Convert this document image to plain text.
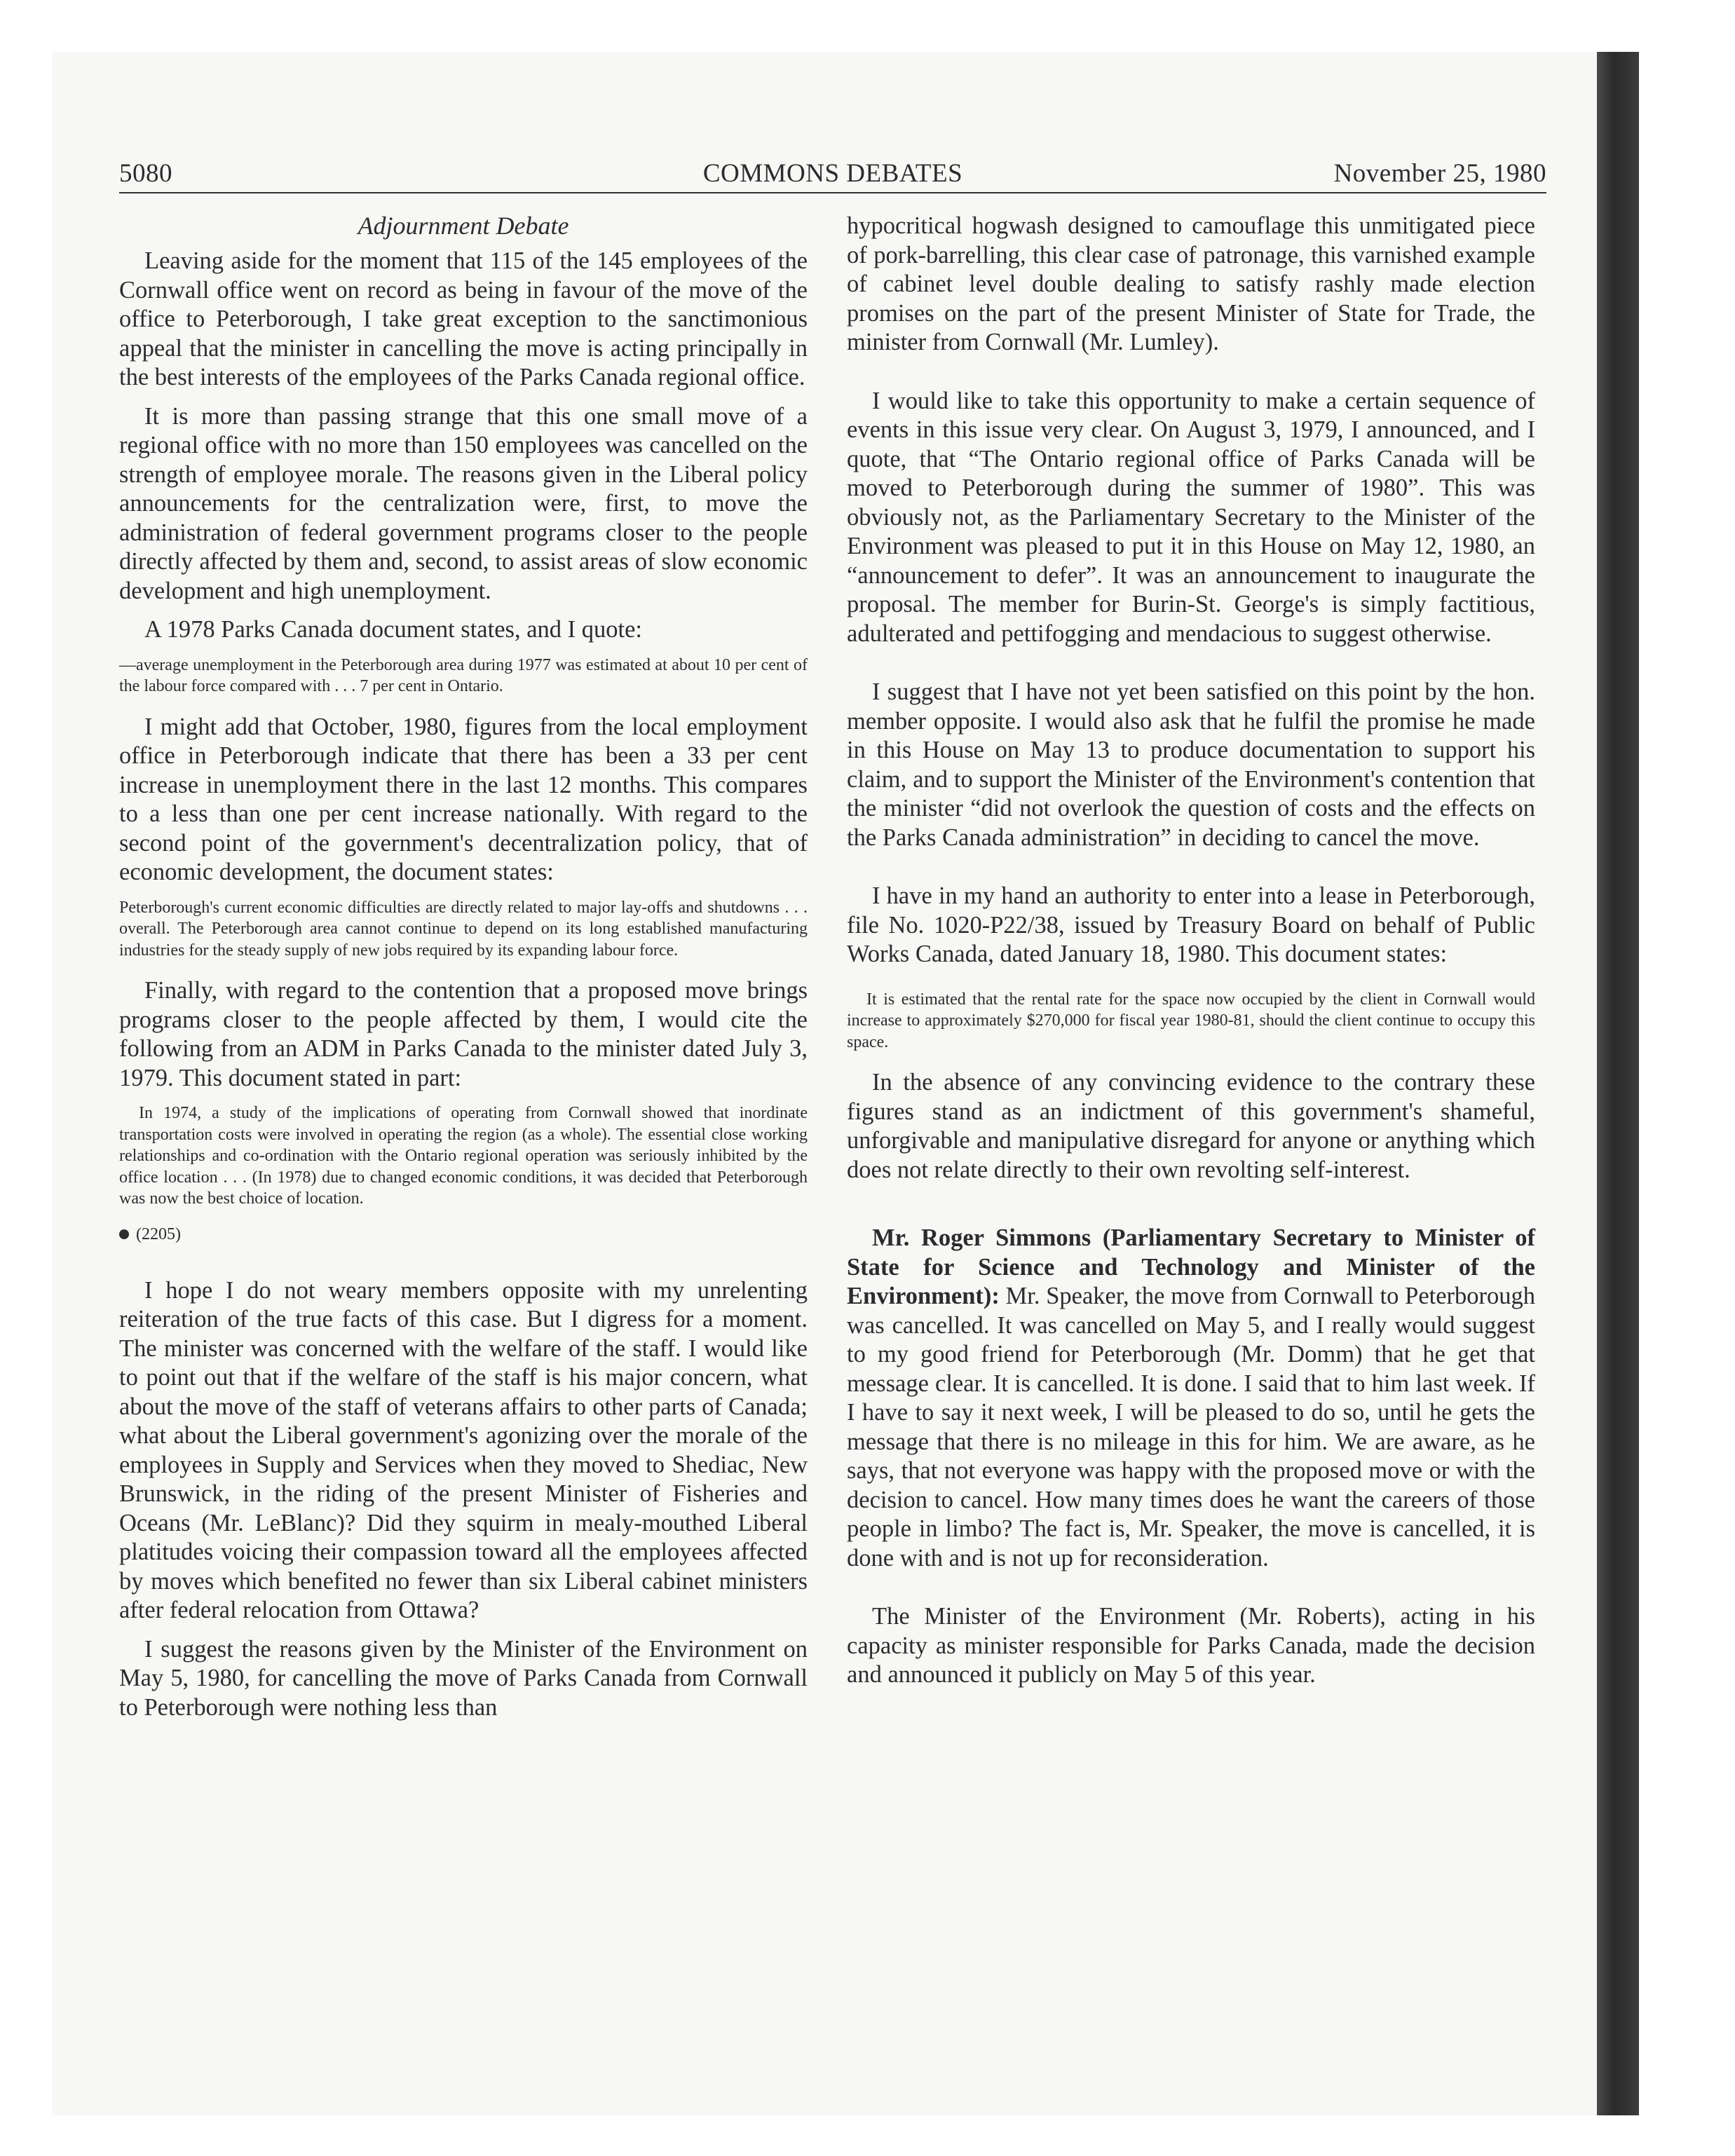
5080	COMMONS DEBATES	November 25, 1980
Adjournment Debate

Leaving aside for the moment that 115 of the 145 employees of the Cornwall office went on record as being in favour of the move of the office to Peterborough, I take great exception to the sanctimonious appeal that the minister in cancelling the move is acting principally in the best interests of the employees of the Parks Canada regional office.

It is more than passing strange that this one small move of a regional office with no more than 150 employees was cancelled on the strength of employee morale. The reasons given in the Liberal policy announcements for the centralization were, first, to move the administration of federal government programs closer to the people directly affected by them and, second, to assist areas of slow economic development and high unemployment.

A 1978 Parks Canada document states, and I quote:

—average unemployment in the Peterborough area during 1977 was estimated at about 10 per cent of the labour force compared with . . . 7 per cent in Ontario.

I might add that October, 1980, figures from the local employment office in Peterborough indicate that there has been a 33 per cent increase in unemployment there in the last 12 months. This compares to a less than one per cent increase nationally. With regard to the second point of the government's decentralization policy, that of economic development, the document states:

Peterborough's current economic difficulties are directly related to major lay-offs and shutdowns . . . overall. The Peterborough area cannot continue to depend on its long established manufacturing industries for the steady supply of new jobs required by its expanding labour force.

Finally, with regard to the contention that a proposed move brings programs closer to the people affected by them, I would cite the following from an ADM in Parks Canada to the minister dated July 3, 1979. This document stated in part:

In 1974, a study of the implications of operating from Cornwall showed that inordinate transportation costs were involved in operating the region (as a whole). The essential close working relationships and co-ordination with the Ontario regional operation was seriously inhibited by the office location . . . (In 1978) due to changed economic conditions, it was decided that Peterborough was now the best choice of location.

(2205)

I hope I do not weary members opposite with my unrelenting reiteration of the true facts of this case. But I digress for a moment. The minister was concerned with the welfare of the staff. I would like to point out that if the welfare of the staff is his major concern, what about the move of the staff of veterans affairs to other parts of Canada; what about the Liberal government's agonizing over the morale of the employees in Supply and Services when they moved to Shediac, New Brunswick, in the riding of the present Minister of Fisheries and Oceans (Mr. LeBlanc)? Did they squirm in mealy-mouthed Liberal platitudes voicing their compassion toward all the employees affected by moves which benefited no fewer than six Liberal cabinet ministers after federal relocation from Ottawa?

I suggest the reasons given by the Minister of the Environment on May 5, 1980, for cancelling the move of Parks Canada from Cornwall to Peterborough were nothing less than

hypocritical hogwash designed to camouflage this unmitigated piece of pork-barrelling, this clear case of patronage, this varnished example of cabinet level double dealing to satisfy rashly made election promises on the part of the present Minister of State for Trade, the minister from Cornwall (Mr. Lumley).

I would like to take this opportunity to make a certain sequence of events in this issue very clear. On August 3, 1979, I announced, and I quote, that “The Ontario regional office of Parks Canada will be moved to Peterborough during the summer of 1980”. This was obviously not, as the Parliamentary Secretary to the Minister of the Environment was pleased to put it in this House on May 12, 1980, an “announcement to defer”. It was an announcement to inaugurate the proposal. The member for Burin-St. George's is simply factitious, adulterated and pettifogging and mendacious to suggest otherwise.

I suggest that I have not yet been satisfied on this point by the hon. member opposite. I would also ask that he fulfil the promise he made in this House on May 13 to produce documentation to support his claim, and to support the Minister of the Environment's contention that the minister “did not overlook the question of costs and the effects on the Parks Canada administration” in deciding to cancel the move.

I have in my hand an authority to enter into a lease in Peterborough, file No. 1020-P22/38, issued by Treasury Board on behalf of Public Works Canada, dated January 18, 1980. This document states:

It is estimated that the rental rate for the space now occupied by the client in Cornwall would increase to approximately $270,000 for fiscal year 1980-81, should the client continue to occupy this space.

In the absence of any convincing evidence to the contrary these figures stand as an indictment of this government's shameful, unforgivable and manipulative disregard for anyone or anything which does not relate directly to their own revolting self-interest.

Mr. Roger Simmons (Parliamentary Secretary to Minister of State for Science and Technology and Minister of the Environment): Mr. Speaker, the move from Cornwall to Peterborough was cancelled. It was cancelled on May 5, and I really would suggest to my good friend for Peterborough (Mr. Domm) that he get that message clear. It is cancelled. It is done. I said that to him last week. If I have to say it next week, I will be pleased to do so, until he gets the message that there is no mileage in this for him. We are aware, as he says, that not everyone was happy with the proposed move or with the decision to cancel. How many times does he want the careers of those people in limbo? The fact is, Mr. Speaker, the move is cancelled, it is done with and is not up for reconsideration.

The Minister of the Environment (Mr. Roberts), acting in his capacity as minister responsible for Parks Canada, made the decision and announced it publicly on May 5 of this year.
